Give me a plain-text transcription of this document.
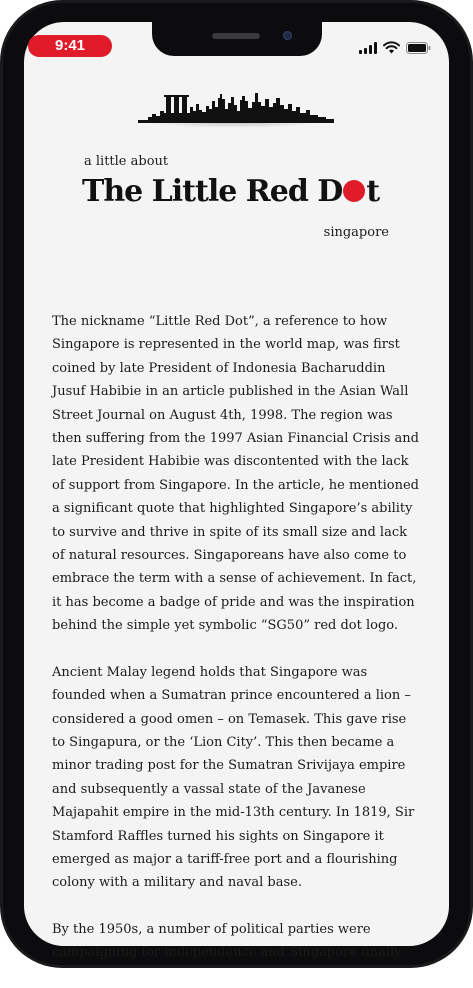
9:41
a little about
The Little Red D t
singapore

The nickname “Little Red Dot”, a reference to how Singapore is represented in the world map, was first coined by late President of Indonesia Bacharuddin Jusuf Habibie in an article published in the Asian Wall Street Journal on August 4th, 1998. The region was then suffering from the 1997 Asian Financial Crisis and late President Habibie was discontented with the lack of support from Singapore. In the article, he mentioned a significant quote that highlighted Singapore’s ability to survive and thrive in spite of its small size and lack of natural resources. Singaporeans have also come to embrace the term with a sense of achievement. In fact, it has become a badge of pride and was the inspiration behind the simple yet symbolic “SG50” red dot logo.

Ancient Malay legend holds that Singapore was founded when a Sumatran prince encountered a lion – considered a good omen – on Temasek. This gave rise to Singapura, or the ‘Lion City’. This then became a minor trading post for the Sumatran Srivijaya empire and subsequently a vassal state of the Javanese Majapahit empire in the mid-13th century. In 1819, Sir Stamford Raffles turned his sights on Singapore it emerged as major a tariff-free port and a flourishing colony with a military and naval base.

By the 1950s, a number of political parties were campaigning for independence and Singapore finally
